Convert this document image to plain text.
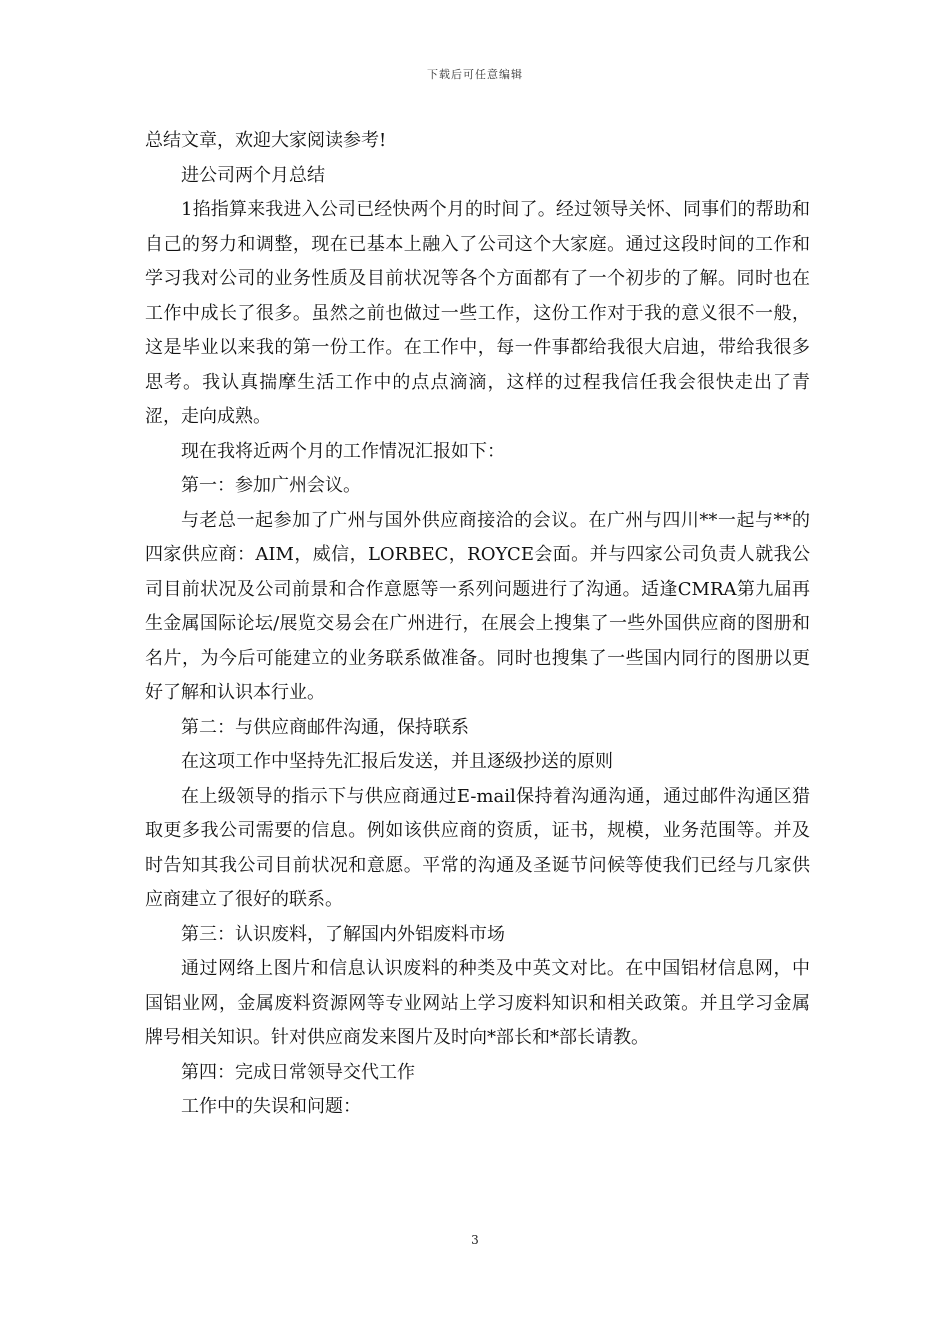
下载后可任意编辑

总结文章，欢迎大家阅读参考!

进公司两个月总结

1掐指算来我进入公司已经快两个月的时间了。经过领导关怀、同事们的帮助和自己的努力和调整，现在已基本上融入了公司这个大家庭。通过这段时间的工作和学习我对公司的业务性质及目前状况等各个方面都有了一个初步的了解。同时也在工作中成长了很多。虽然之前也做过一些工作，这份工作对于我的意义很不一般，这是毕业以来我的第一份工作。在工作中，每一件事都给我很大启迪，带给我很多思考。我认真揣摩生活工作中的点点滴滴，这样的过程我信任我会很快走出了青涩，走向成熟。

现在我将近两个月的工作情况汇报如下：

第一：参加广州会议。

与老总一起参加了广州与国外供应商接洽的会议。在广州与四川**一起与**的四家供应商：AIM，威信，LORBEC，ROYCE会面。并与四家公司负责人就我公司目前状况及公司前景和合作意愿等一系列问题进行了沟通。适逢CMRA第九届再生金属国际论坛/展览交易会在广州进行，在展会上搜集了一些外国供应商的图册和名片，为今后可能建立的业务联系做准备。同时也搜集了一些国内同行的图册以更好了解和认识本行业。

第二：与供应商邮件沟通，保持联系

在这项工作中坚持先汇报后发送，并且逐级抄送的原则

在上级领导的指示下与供应商通过E-mail保持着沟通沟通，通过邮件沟通区猎取更多我公司需要的信息。例如该供应商的资质，证书，规模，业务范围等。并及时告知其我公司目前状况和意愿。平常的沟通及圣诞节问候等使我们已经与几家供应商建立了很好的联系。

第三：认识废料，了解国内外铝废料市场

通过网络上图片和信息认识废料的种类及中英文对比。在中国铝材信息网，中国铝业网，金属废料资源网等专业网站上学习废料知识和相关政策。并且学习金属牌号相关知识。针对供应商发来图片及时向*部长和*部长请教。

第四：完成日常领导交代工作

工作中的失误和问题：

3
